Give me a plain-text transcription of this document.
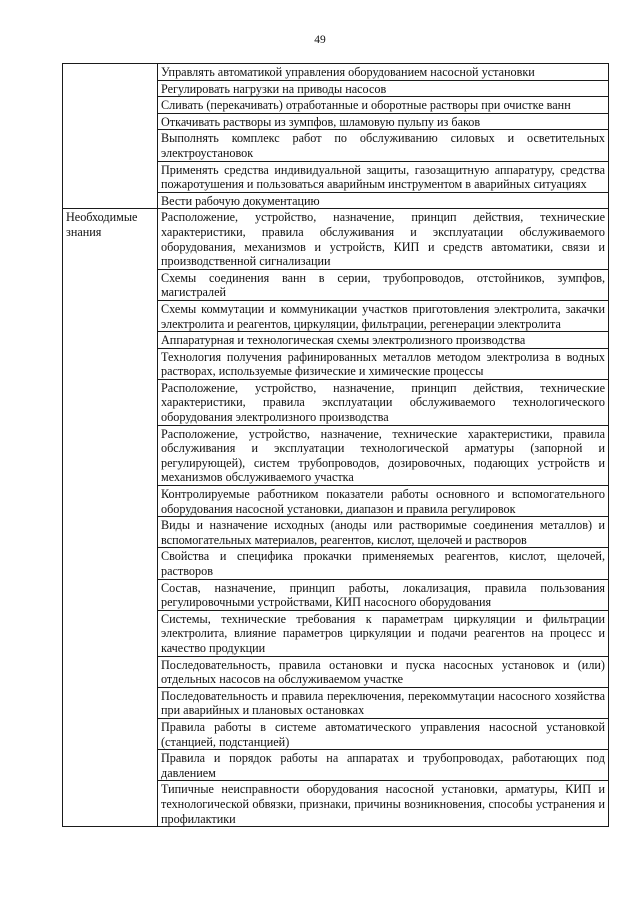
49
	Управлять автоматикой управления оборудованием насосной установки
	Регулировать нагрузки на приводы насосов
	Сливать (перекачивать) отработанные и оборотные растворы при очистке ванн
	Откачивать растворы из зумпфов, шламовую пульпу из баков
	Выполнять комплекс работ по обслуживанию силовых и осветительных электроустановок
	Применять средства индивидуальной защиты, газозащитную аппаратуру, средства пожаротушения и пользоваться аварийным инструментом в аварийных ситуациях
	Вести рабочую документацию

Необходимые
знания	Расположение, устройство, назначение, принцип действия, технические характеристики, правила обслуживания и эксплуатации обслуживаемого оборудования, механизмов и устройств, КИП и средств автоматики, связи и производственной сигнализации
	Схемы соединения ванн в серии, трубопроводов, отстойников, зумпфов, магистралей
	Схемы коммутации и коммуникации участков приготовления электролита, закачки электролита и реагентов, циркуляции, фильтрации, регенерации электролита
	Аппаратурная и технологическая схемы электролизного производства
	Технология получения рафинированных металлов методом электролиза в водных растворах, используемые физические и химические процессы
	Расположение, устройство, назначение, принцип действия, технические характеристики, правила эксплуатации обслуживаемого технологического оборудования электролизного производства
	Расположение, устройство, назначение, технические характеристики, правила обслуживания и эксплуатации технологической арматуры (запорной и регулирующей), систем трубопроводов, дозировочных, подающих устройств и механизмов обслуживаемого участка
	Контролируемые работником показатели работы основного и вспомогательного оборудования насосной установки, диапазон и правила регулировок
	Виды и назначение исходных (аноды или растворимые соединения металлов) и вспомогательных материалов, реагентов, кислот, щелочей и растворов
	Свойства и специфика прокачки применяемых реагентов, кислот, щелочей, растворов
	Состав, назначение, принцип работы, локализация, правила пользования регулировочными устройствами, КИП насосного оборудования
	Системы, технические требования к параметрам циркуляции и фильтрации электролита, влияние параметров циркуляции и подачи реагентов на процесс и качество продукции
	Последовательность, правила остановки и пуска насосных установок и (или) отдельных насосов на обслуживаемом участке
	Последовательность и правила переключения, перекоммутации насосного хозяйства при аварийных и плановых остановках
	Правила работы в системе автоматического управления насосной установкой (станцией, подстанцией)
	Правила и порядок работы на аппаратах и трубопроводах, работающих под давлением
	Типичные неисправности оборудования насосной установки, арматуры, КИП и технологической обвязки, признаки, причины возникновения, способы устранения и профилактики
